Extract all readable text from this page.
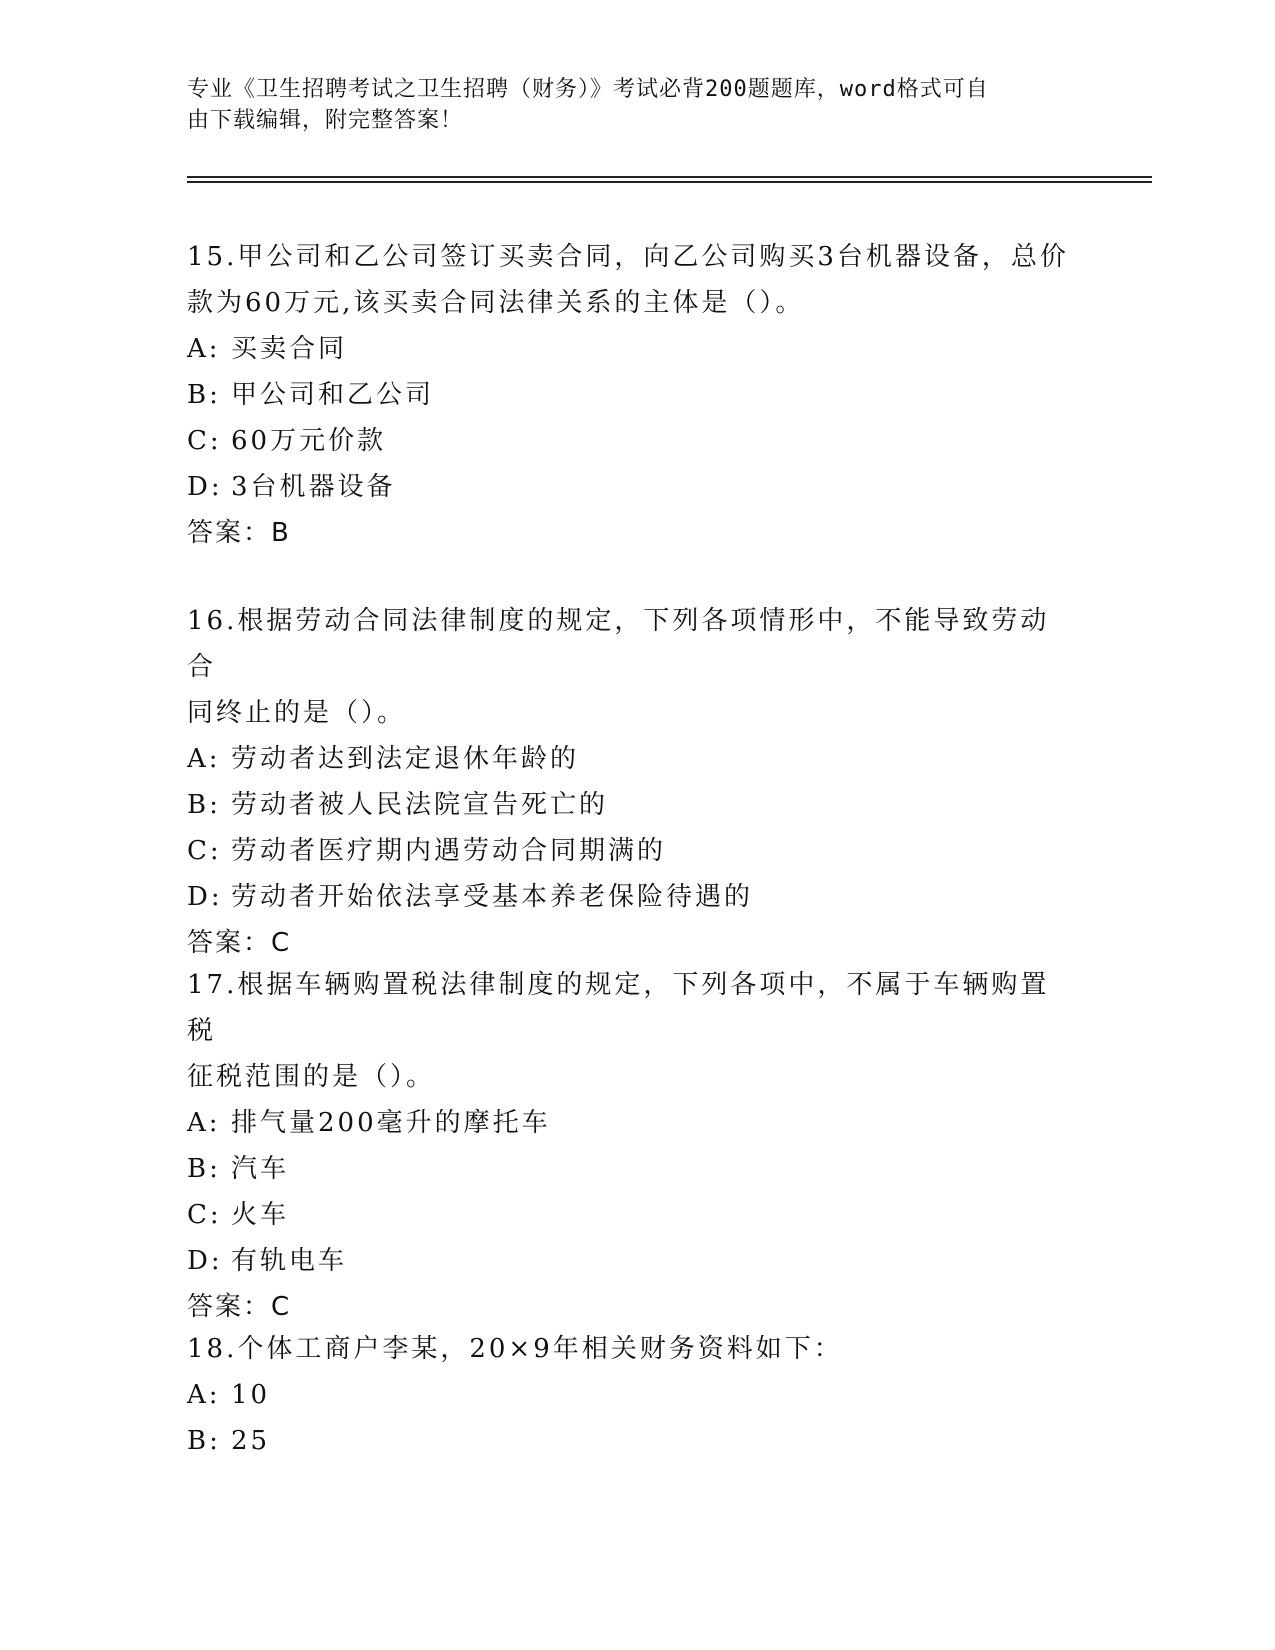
专业《卫生招聘考试之卫生招聘（财务）》考试必背200题题库，word格式可自
由下载编辑，附完整答案！
15.甲公司和乙公司签订买卖合同，向乙公司购买3台机器设备，总价
款为60万元,该买卖合同法律关系的主体是（）。
A: 买卖合同
B: 甲公司和乙公司
C: 60万元价款
D: 3台机器设备
答案：B
16.根据劳动合同法律制度的规定，下列各项情形中，不能导致劳动合
同终止的是（）。
A: 劳动者达到法定退休年龄的
B: 劳动者被人民法院宣告死亡的
C: 劳动者医疗期内遇劳动合同期满的
D: 劳动者开始依法享受基本养老保险待遇的
答案：C
17.根据车辆购置税法律制度的规定，下列各项中，不属于车辆购置税
征税范围的是（）。
A: 排气量200毫升的摩托车
B: 汽车
C: 火车
D: 有轨电车
答案：C
18.个体工商户李某，20×9年相关财务资料如下：
A: 10
B: 25
